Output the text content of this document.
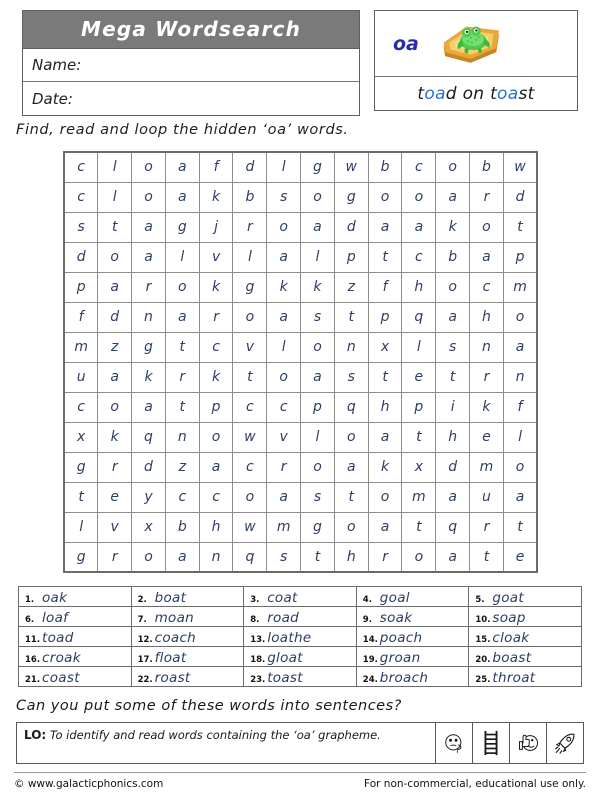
Mega Wordsearch
Name:
Date:
oa
t oa d on t oa st
Find, read and loop the hidden ‘oa’ words.
c	l	o	a	f	d	l	g	w	b	c	o	b	w
c	l	o	a	k	b	s	o	g	o	o	a	r	d
s	t	a	g	j	r	o	a	d	a	a	k	o	t
d	o	a	l	v	l	a	l	p	t	c	b	a	p
p	a	r	o	k	g	k	k	z	f	h	o	c	m
f	d	n	a	r	o	a	s	t	p	q	a	h	o
m	z	g	t	c	v	l	o	n	x	l	s	n	a
u	a	k	r	k	t	o	a	s	t	e	t	r	n
c	o	a	t	p	c	c	p	q	h	p	i	k	f
x	k	q	n	o	w	v	l	o	a	t	h	e	l
g	r	d	z	a	c	r	o	a	k	x	d	m	o
t	e	y	c	c	o	a	s	t	o	m	a	u	a
l	v	x	b	h	w	m	g	o	a	t	q	r	t
g	r	o	a	n	q	s	t	h	r	o	a	t	e
1. oak	2. boat	3. coat	4. goal	5. goat
6. loaf	7. moan	8. road	9. soak	10. soap
11. toad	12. coach	13. loathe	14. poach	15. cloak
16. croak	17. float	18. gloat	19. groan	20. boast
21. coast	22. roast	23. toast	24. broach	25. throat
Can you put some of these words into sentences?
LO: To identify and read words containing the ‘oa’ grapheme.
© www.galacticphonics.com	For non-commercial, educational use only.
